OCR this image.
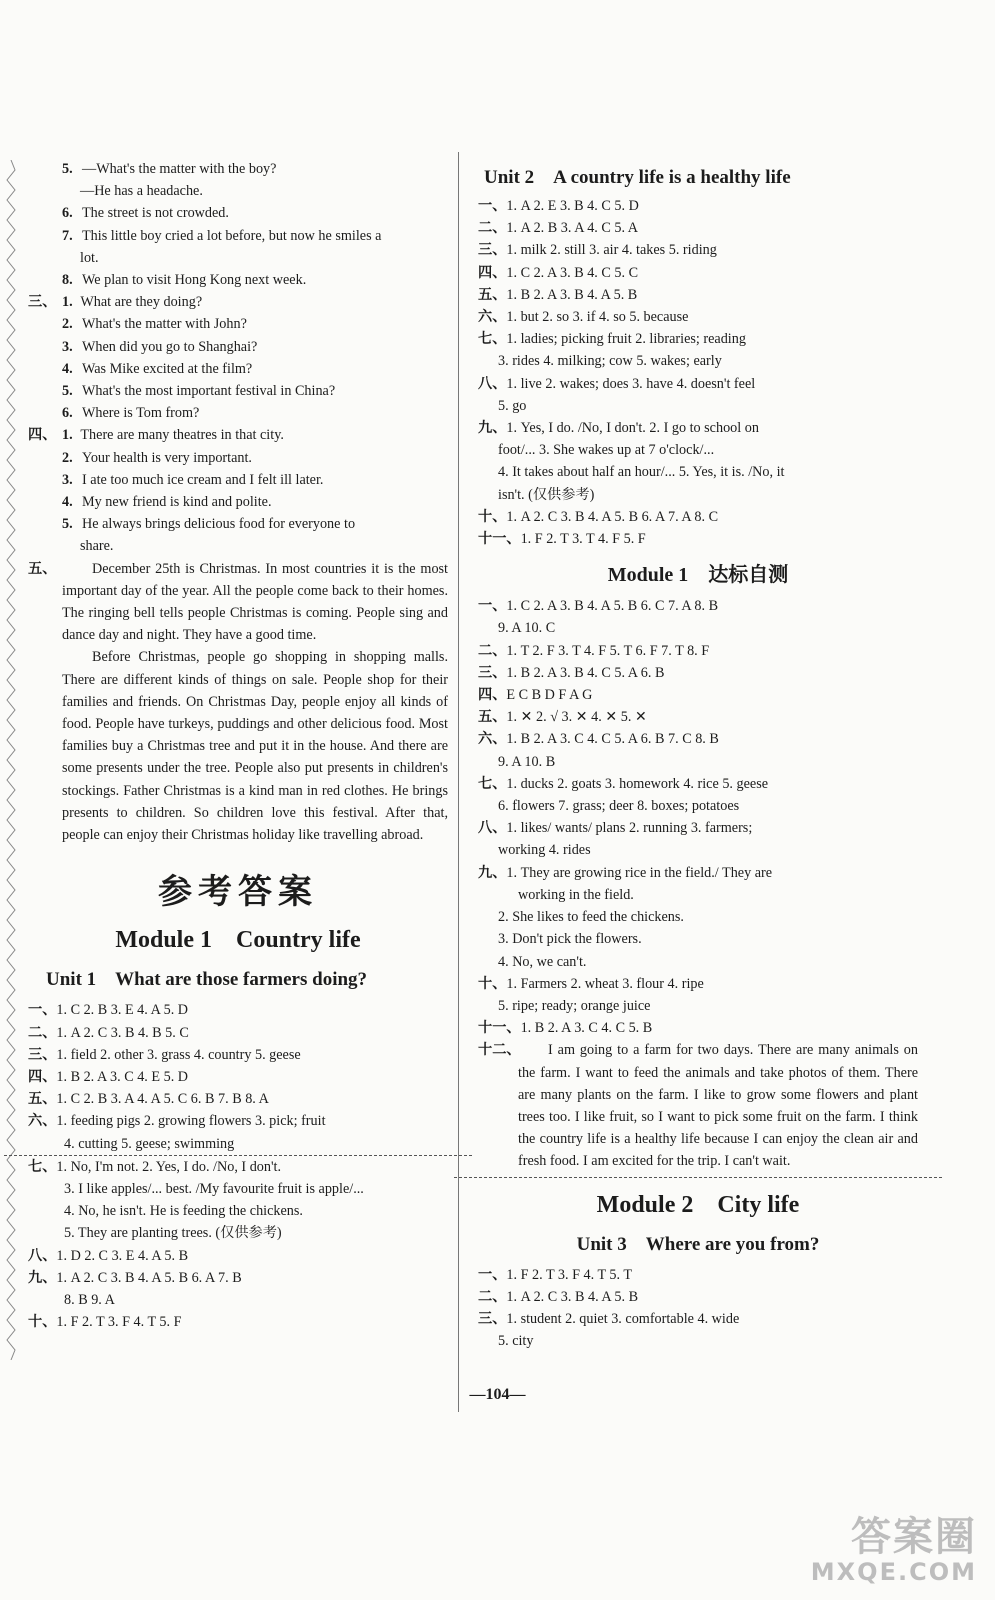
5. —What's the matter with the boy?
—He has a headache.
6. The street is not crowded.
7. This little boy cried a lot before, but now he smiles a
lot.
8. We plan to visit Hong Kong next week.
三、 1. What are they doing?
2. What's the matter with John?
3. When did you go to Shanghai?
4. Was Mike excited at the film?
5. What's the most important festival in China?
6. Where is Tom from?
四、 1. There are many theatres in that city.
2. Your health is very important.
3. I ate too much ice cream and I felt ill later.
4. My new friend is kind and polite.
5. He always brings delicious food for everyone to
share.
五、	December 25th is Christmas. In most countries it is the most important day of the year. All the people come back to their homes. The ringing bell tells people Christmas is coming. People sing and dance day and night. They have a good time.
Before Christmas, people go shopping in shopping malls. There are different kinds of things on sale. People shop for their families and friends. On Christmas Day, people enjoy all kinds of food. People have turkeys, puddings and other delicious food. Most families buy a Christmas tree and put it in the house. And there are some presents under the tree. People also put presents in children's stockings. Father Christmas is a kind man in red clothes. He brings presents to children. So children love this festival. After that, people can enjoy their Christmas holiday like travelling abroad.
参考答案
Module 1　Country life
Unit 1　What are those farmers doing?
一、1. C 2. B 3. E 4. A 5. D
二、1. A 2. C 3. B 4. B 5. C
三、1. field 2. other 3. grass 4. country 5. geese
四、1. B 2. A 3. C 4. E 5. D
五、1. C 2. B 3. A 4. A 5. C 6. B 7. B 8. A
六、1. feeding pigs 2. growing flowers 3. pick; fruit
4. cutting 5. geese; swimming
七、1. No, I'm not. 2. Yes, I do. /No, I don't.
3. I like apples/... best. /My favourite fruit is apple/...
4. No, he isn't. He is feeding the chickens.
5. They are planting trees. (仅供参考)
八、1. D 2. C 3. E 4. A 5. B
九、1. A 2. C 3. B 4. A 5. B 6. A 7. B
8. B 9. A
十、1. F 2. T 3. F 4. T 5. F
Unit 2　A country life is a healthy life
一、1. A 2. E 3. B 4. C 5. D
二、1. A 2. B 3. A 4. C 5. A
三、1. milk 2. still 3. air 4. takes 5. riding
四、1. C 2. A 3. B 4. C 5. C
五、1. B 2. A 3. B 4. A 5. B
六、1. but 2. so 3. if 4. so 5. because
七、1. ladies; picking fruit 2. libraries; reading
3. rides 4. milking; cow 5. wakes; early
八、1. live 2. wakes; does 3. have 4. doesn't feel
5. go
九、1. Yes, I do. /No, I don't. 2. I go to school on
foot/... 3. She wakes up at 7 o'clock/...
4. It takes about half an hour/... 5. Yes, it is. /No, it
isn't. (仅供参考)
十、1. A 2. C 3. B 4. A 5. B 6. A 7. A 8. C
十一、1. F 2. T 3. T 4. F 5. F
Module 1　达标自测
一、1. C 2. A 3. B 4. A 5. B 6. C 7. A 8. B
9. A 10. C
二、1. T 2. F 3. T 4. F 5. T 6. F 7. T 8. F
三、1. B 2. A 3. B 4. C 5. A 6. B
四、E C B D F A G
五、1. ✕ 2. √ 3. ✕ 4. ✕ 5. ✕
六、1. B 2. A 3. C 4. C 5. A 6. B 7. C 8. B
9. A 10. B
七、1. ducks 2. goats 3. homework 4. rice 5. geese
6. flowers 7. grass; deer 8. boxes; potatoes
八、1. likes/ wants/ plans 2. running 3. farmers;
working 4. rides
九、1. They are growing rice in the field./ They are
working in the field.
2. She likes to feed the chickens.
3. Don't pick the flowers.
4. No, we can't.
十、1. Farmers 2. wheat 3. flour 4. ripe
5. ripe; ready; orange juice
十一、1. B 2. A 3. C 4. C 5. B
十二、 I am going to a farm for two days. There are many animals on the farm. I want to feed the animals and take photos of them. There are many plants on the farm. I like to grow some flowers and plant trees too. I like fruit, so I want to pick some fruit on the farm. I think the country life is a healthy life because I can enjoy the clean air and fresh food. I am excited for the trip. I can't wait.
Module 2　City life
Unit 3　Where are you from?
一、1. F 2. T 3. F 4. T 5. T
二、1. A 2. C 3. B 4. A 5. B
三、1. student 2. quiet 3. comfortable 4. wide
5. city
—104—
答案圈
MXQE.COM
